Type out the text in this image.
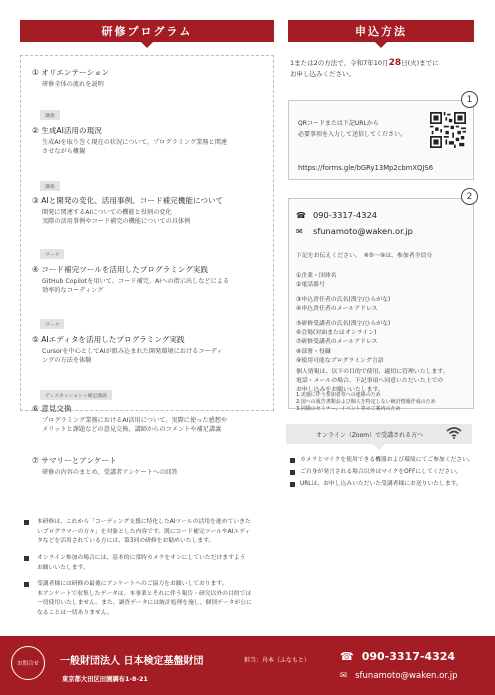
研修プログラム	申込方法
① オリエンテーション
研修全体の流れを説明
講義
② 生成AI活用の現況
生成AIを取り巻く現在の状況について、プログラミング業務と関連
させながら概観
講義
③ AIと開発の変化、活用事例、コード補完機能について
開発に関連するAIについての機能と役割の変化
実際の活用事例やコード補完の機能についての具体例
ワーク
④ コード補完ツールを活用したプログラミング実践
GitHub Copilotを用いて、コード補完、AIへの指示出しなどによる
効率的なコーディング
ワーク
⑤ AIエディタを活用したプログラミング実践
Cursorを中心としてAIが組み込まれた開発環境におけるコーディ
ングの方法を体験
ディスカッション＋補足講義
⑥ 意見交換
プログラミング業務におけるAI活用について、実際に使った感想や
メリットと課題などの意見交換、講師からのコメントや補足講義
⑦ サマリーとアンケート
研修の内容のまとめ、受講者アンケートへの回答
本研修は、これから「コーディング支援に特化したAIツールの活用を進めていきた
いプログラマーの方々」を対象とした内容です。既にコード補完ツールやAIエディ
タなどを活用されている方には、第3回の研修をお勧めいたします。
オンライン参加の場合には、基本的に常時カメラをオンにしていただけますよう
お願いいたします。
受講者様には研修の最後にアンケートへのご協力をお願いしております。
本アンケートで収集したデータは、本事業とそれに伴う報告・研究以外の目的では
一切使用いたしません。また、調査データには統計処理を施し、個別データが公に
なることは一切ありません。
1または2の方法で、令和7年10月28日(火)までに
お申し込みください。
1
QRコードまたは下記URLから
必要事項を入力して送信してください。
https://forms.gle/bGRy13Mp2cbmXQJS6
2
☎ 090-3317-4324
✉	sfunamoto@waken.or.jp
下記をお伝えください。　※⑤〜⑨は、参加者全員分
①企業・団体名
②電話番号
③申込責任者の氏名(漢字/ひらがな)
④申込責任者のメールアドレス
⑤研修受講者の氏名(漢字/ひらがな)
⑥会場(対面またはオンライン)
⑦研修受講者のメールアドレス
⑧部署・役職
⑨使用可能なプログラミング言語
個人情報は、以下の目的で使用、適切に管理いたします。
電話・メールの場合、下記事項へ同意いただいた上での
お申し込みをお願いいたします。
1.実施に伴う参加者等への連絡のため
2.国への報告書類および個人を特定しない統計情報作成のため
3.同様のセミナー、イベント等のご案内のため
オンライン（Zoom）で受講される方へ
カメラとマイクを使用できる機器および環境にてご参加ください。
ご自身が発言される場合以外はマイクをOFFにしてください。
URLは、お申し込みいただいた受講者様にお送りいたします。
お問合せ	一般財団法人 日本検定基盤財団	担当：舟本（ふなもと）
東京都大田区田園調布1-8-21
☎ 090-3317-4324
✉ sfunamoto@waken.or.jp
